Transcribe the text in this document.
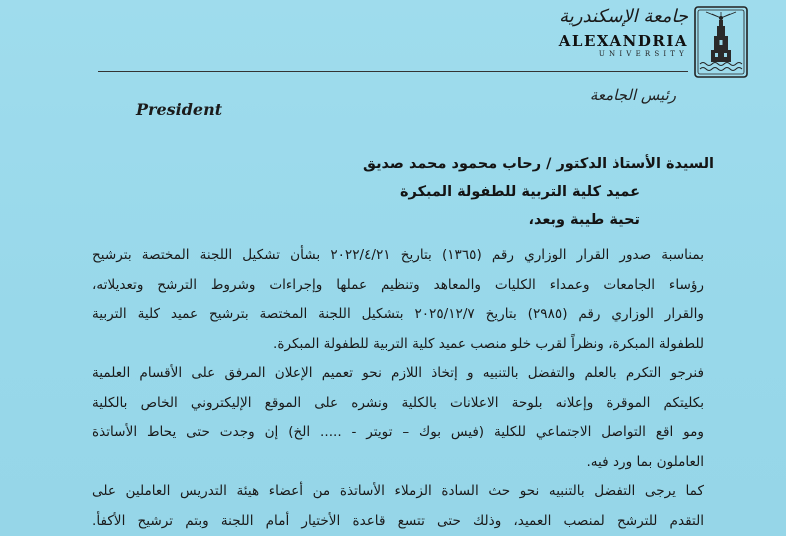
جامعة الإسكندرية
ALEXANDRIA
UNIVERSITY
President
رئيس الجامعة
السيدة الأستاذ الدكتور / رحاب محمود محمد صديق
عميد كلية التربية للطفولة المبكرة
تحية طيبة وبعد،

بمناسبة صدور القرار الوزاري رقم (١٣٦٥) بتاريخ ٢٠٢٢/٤/٢١ بشأن تشكيل اللجنة المختصة بترشيح

رؤساء الجامعات وعمداء الكليات والمعاهد وتنظيم عملها وإجراءات وشروط الترشح وتعديلاته،

والقرار الوزاري رقم (٢٩٨٥) بتاريخ ٢٠٢٥/١٢/٧ بتشكيل اللجنة المختصة بترشيح عميد كلية التربية

للطفولة المبكرة، ونظراً لقرب خلو منصب عميد كلية التربية للطفولة المبكرة.

فنرجو التكرم بالعلم والتفضل بالتنبيه و إتخاذ اللازم نحو تعميم الإعلان المرفق على الأقسام العلمية

بكليتكم الموقرة وإعلانه بلوحة الاعلانات بالكلية ونشره على الموقع الإليكتروني الخاص بالكلية

ومو اقع التواصل الاجتماعي للكلية (فيس بوك – تويتر - ..... الخ) إن وجدت حتى يحاط الأساتذة

العاملون بما ورد فيه.

كما يرجى التفضل بالتنبيه نحو حث السادة الزملاء الأساتذة من أعضاء هيئة التدريس العاملين على

التقدم للترشح لمنصب العميد، وذلك حتى تتسع قاعدة الأختيار أمام اللجنة وبتم ترشيح الأكفأ.
